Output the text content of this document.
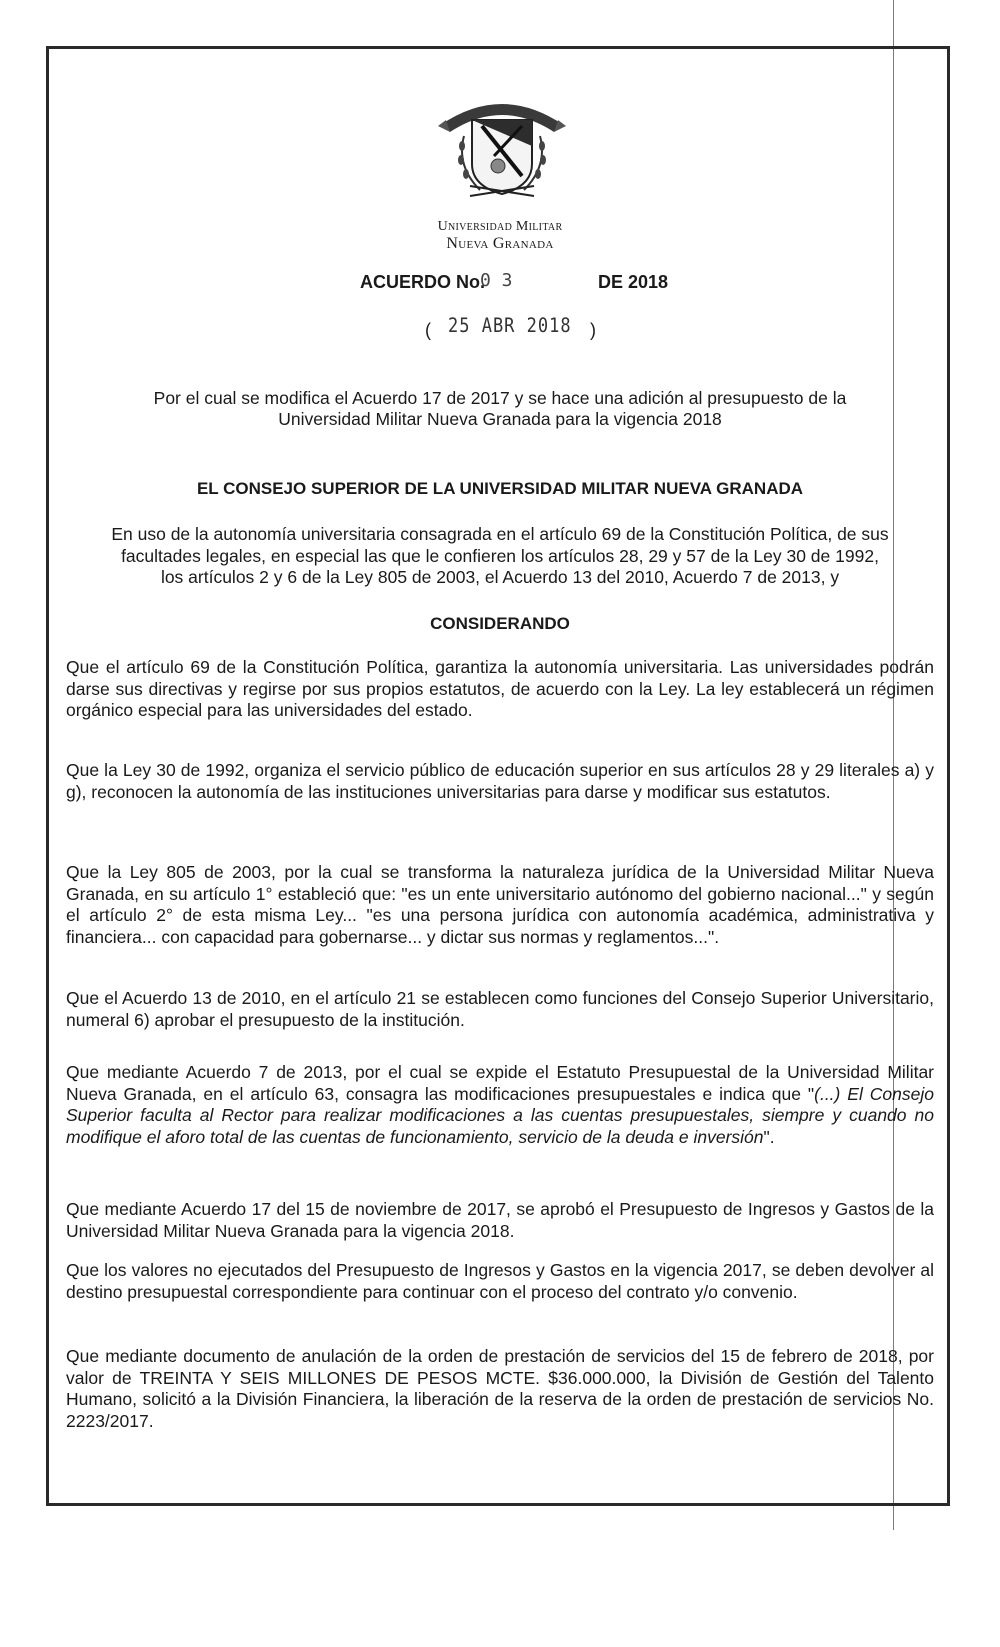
Universidad Militar
Nueva Granada
ACUERDO No.
0 3	DE 2018
( 25 ABR 2018 )
Por el cual se modifica el Acuerdo 17 de 2017 y se hace una adición al presupuesto de la
Universidad Militar Nueva Granada para la vigencia 2018
EL CONSEJO SUPERIOR DE LA UNIVERSIDAD MILITAR NUEVA GRANADA
En uso de la autonomía universitaria consagrada en el artículo 69 de la Constitución Política, de sus
facultades legales, en especial las que le confieren los artículos 28, 29 y 57 de la Ley 30 de 1992,
los artículos 2 y 6 de la Ley 805 de 2003, el Acuerdo 13 del 2010, Acuerdo 7 de 2013, y
CONSIDERANDO

Que el artículo 69 de la Constitución Política, garantiza la autonomía universitaria. Las universidades podrán darse sus directivas y regirse por sus propios estatutos, de acuerdo con la Ley. La ley establecerá un régimen orgánico especial para las universidades del estado.

Que la Ley 30 de 1992, organiza el servicio público de educación superior en sus artículos 28 y 29 literales a) y g), reconocen la autonomía de las instituciones universitarias para darse y modificar sus estatutos.

Que la Ley 805 de 2003, por la cual se transforma la naturaleza jurídica de la Universidad Militar Nueva Granada, en su artículo 1° estableció que: "es un ente universitario autónomo del gobierno nacional..." y según el artículo 2° de esta misma Ley... "es una persona jurídica con autonomía académica, administrativa y financiera... con capacidad para gobernarse... y dictar sus normas y reglamentos...".

Que el Acuerdo 13 de 2010, en el artículo 21 se establecen como funciones del Consejo Superior Universitario, numeral 6) aprobar el presupuesto de la institución.

Que mediante Acuerdo 7 de 2013, por el cual se expide el Estatuto Presupuestal de la Universidad Militar Nueva Granada, en el artículo 63, consagra las modificaciones presupuestales e indica que "(...) El Consejo Superior faculta al Rector para realizar modificaciones a las cuentas presupuestales, siempre y cuando no modifique el aforo total de las cuentas de funcionamiento, servicio de la deuda e inversión".

Que mediante Acuerdo 17 del 15 de noviembre de 2017, se aprobó el Presupuesto de Ingresos y Gastos de la Universidad Militar Nueva Granada para la vigencia 2018.

Que los valores no ejecutados del Presupuesto de Ingresos y Gastos en la vigencia 2017, se deben devolver al destino presupuestal correspondiente para continuar con el proceso del contrato y/o convenio.

Que mediante documento de anulación de la orden de prestación de servicios del 15 de febrero de 2018, por valor de TREINTA Y SEIS MILLONES DE PESOS MCTE. $36.000.000, la División de Gestión del Talento Humano, solicitó a la División Financiera, la liberación de la reserva de la orden de prestación de servicios No. 2223/2017.
